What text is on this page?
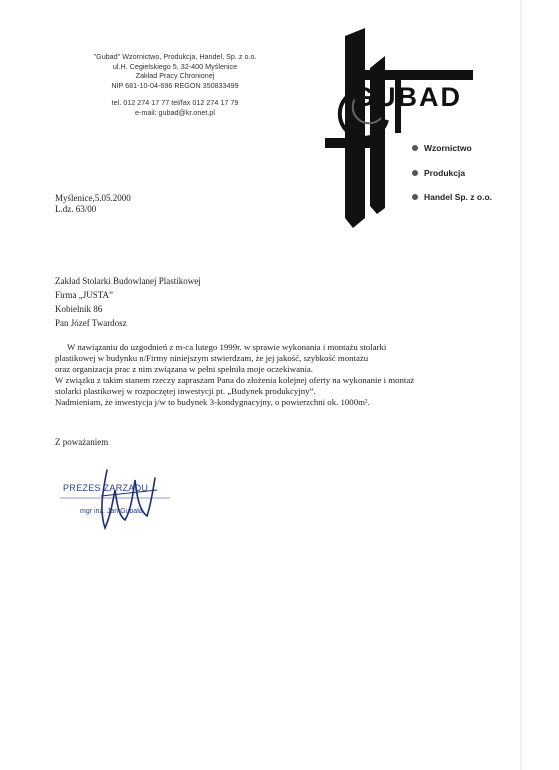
"Gubad" Wzornictwo, Produkcja, Handel, Sp. z o.o.
ul.H. Cegielskiego 5, 32-400 Myślenice
Zakład Pracy Chronionej
NIP 681-10-04-696 REGON 350833499
tel. 012 274 17 77 tel/fax 012 274 17 79
e-mail: gubad@kr.onet.pl	GUBAD
Wzornictwo
Produkcja
Handel Sp. z o.o.
Myślenice,5.05.2000
L.dz. 63/00
Zakład Stolarki Budowlanej Plastikowej
Firma „JUSTA”
Kobielnik 86
Pan Józef Twardosz
W nawiązaniu do uzgodnień z m-ca lutego 1999r. w sprawie wykonania i montażu stolarki
plastikowej w budynku n/Firmy niniejszym stwierdzam, że jej jakość, szybkość montażu
oraz organizacja prac z nim związana w pełni spełniła moje oczekiwania.
W związku z takim stanem rzeczy zapraszam Pana do złożenia kolejnej oferty na wykonanie i montaż
stolarki plastikowej w rozpoczętej inwestycji pt. „Budynek produkcyjny”.
Nadmieniam, że inwestycja j/w to budynek 3-kondygnacyjny, o powierzchni ok. 1000m².
Z poważaniem
PREZES ZARZĄDU
mgr inż. Jan Gubała
